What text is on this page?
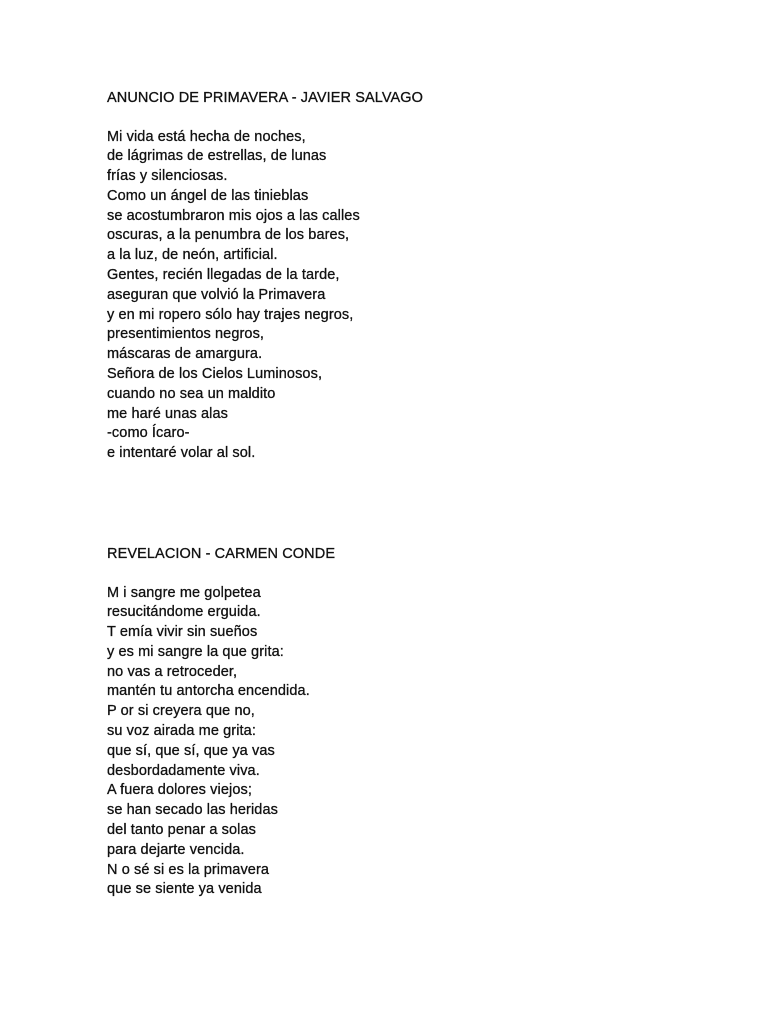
ANUNCIO DE PRIMAVERA - JAVIER SALVAGO
Mi vida está hecha de noches,
de lágrimas de estrellas, de lunas
frías y silenciosas.
Como un ángel de las tinieblas
se acostumbraron mis ojos a las calles
oscuras, a la penumbra de los bares,
a la luz, de neón, artificial.
Gentes, recién llegadas de la tarde,
aseguran que volvió la Primavera
y en mi ropero sólo hay trajes negros,
presentimientos negros,
máscaras de amargura.
Señora de los Cielos Luminosos,
cuando no sea un maldito
me haré unas alas
-como Ícaro-
e intentaré volar al sol.
REVELACION - CARMEN CONDE
M i sangre me golpetea
resucitándome erguida.
T emía vivir sin sueños
y es mi sangre la que grita:
no vas a retroceder,
mantén tu antorcha encendida.
P or si creyera que no,
su voz airada me grita:
que sí, que sí, que ya vas
desbordadamente viva.
A fuera dolores viejos;
se han secado las heridas
del tanto penar a solas
para dejarte vencida.
N o sé si es la primavera
que se siente ya venida
